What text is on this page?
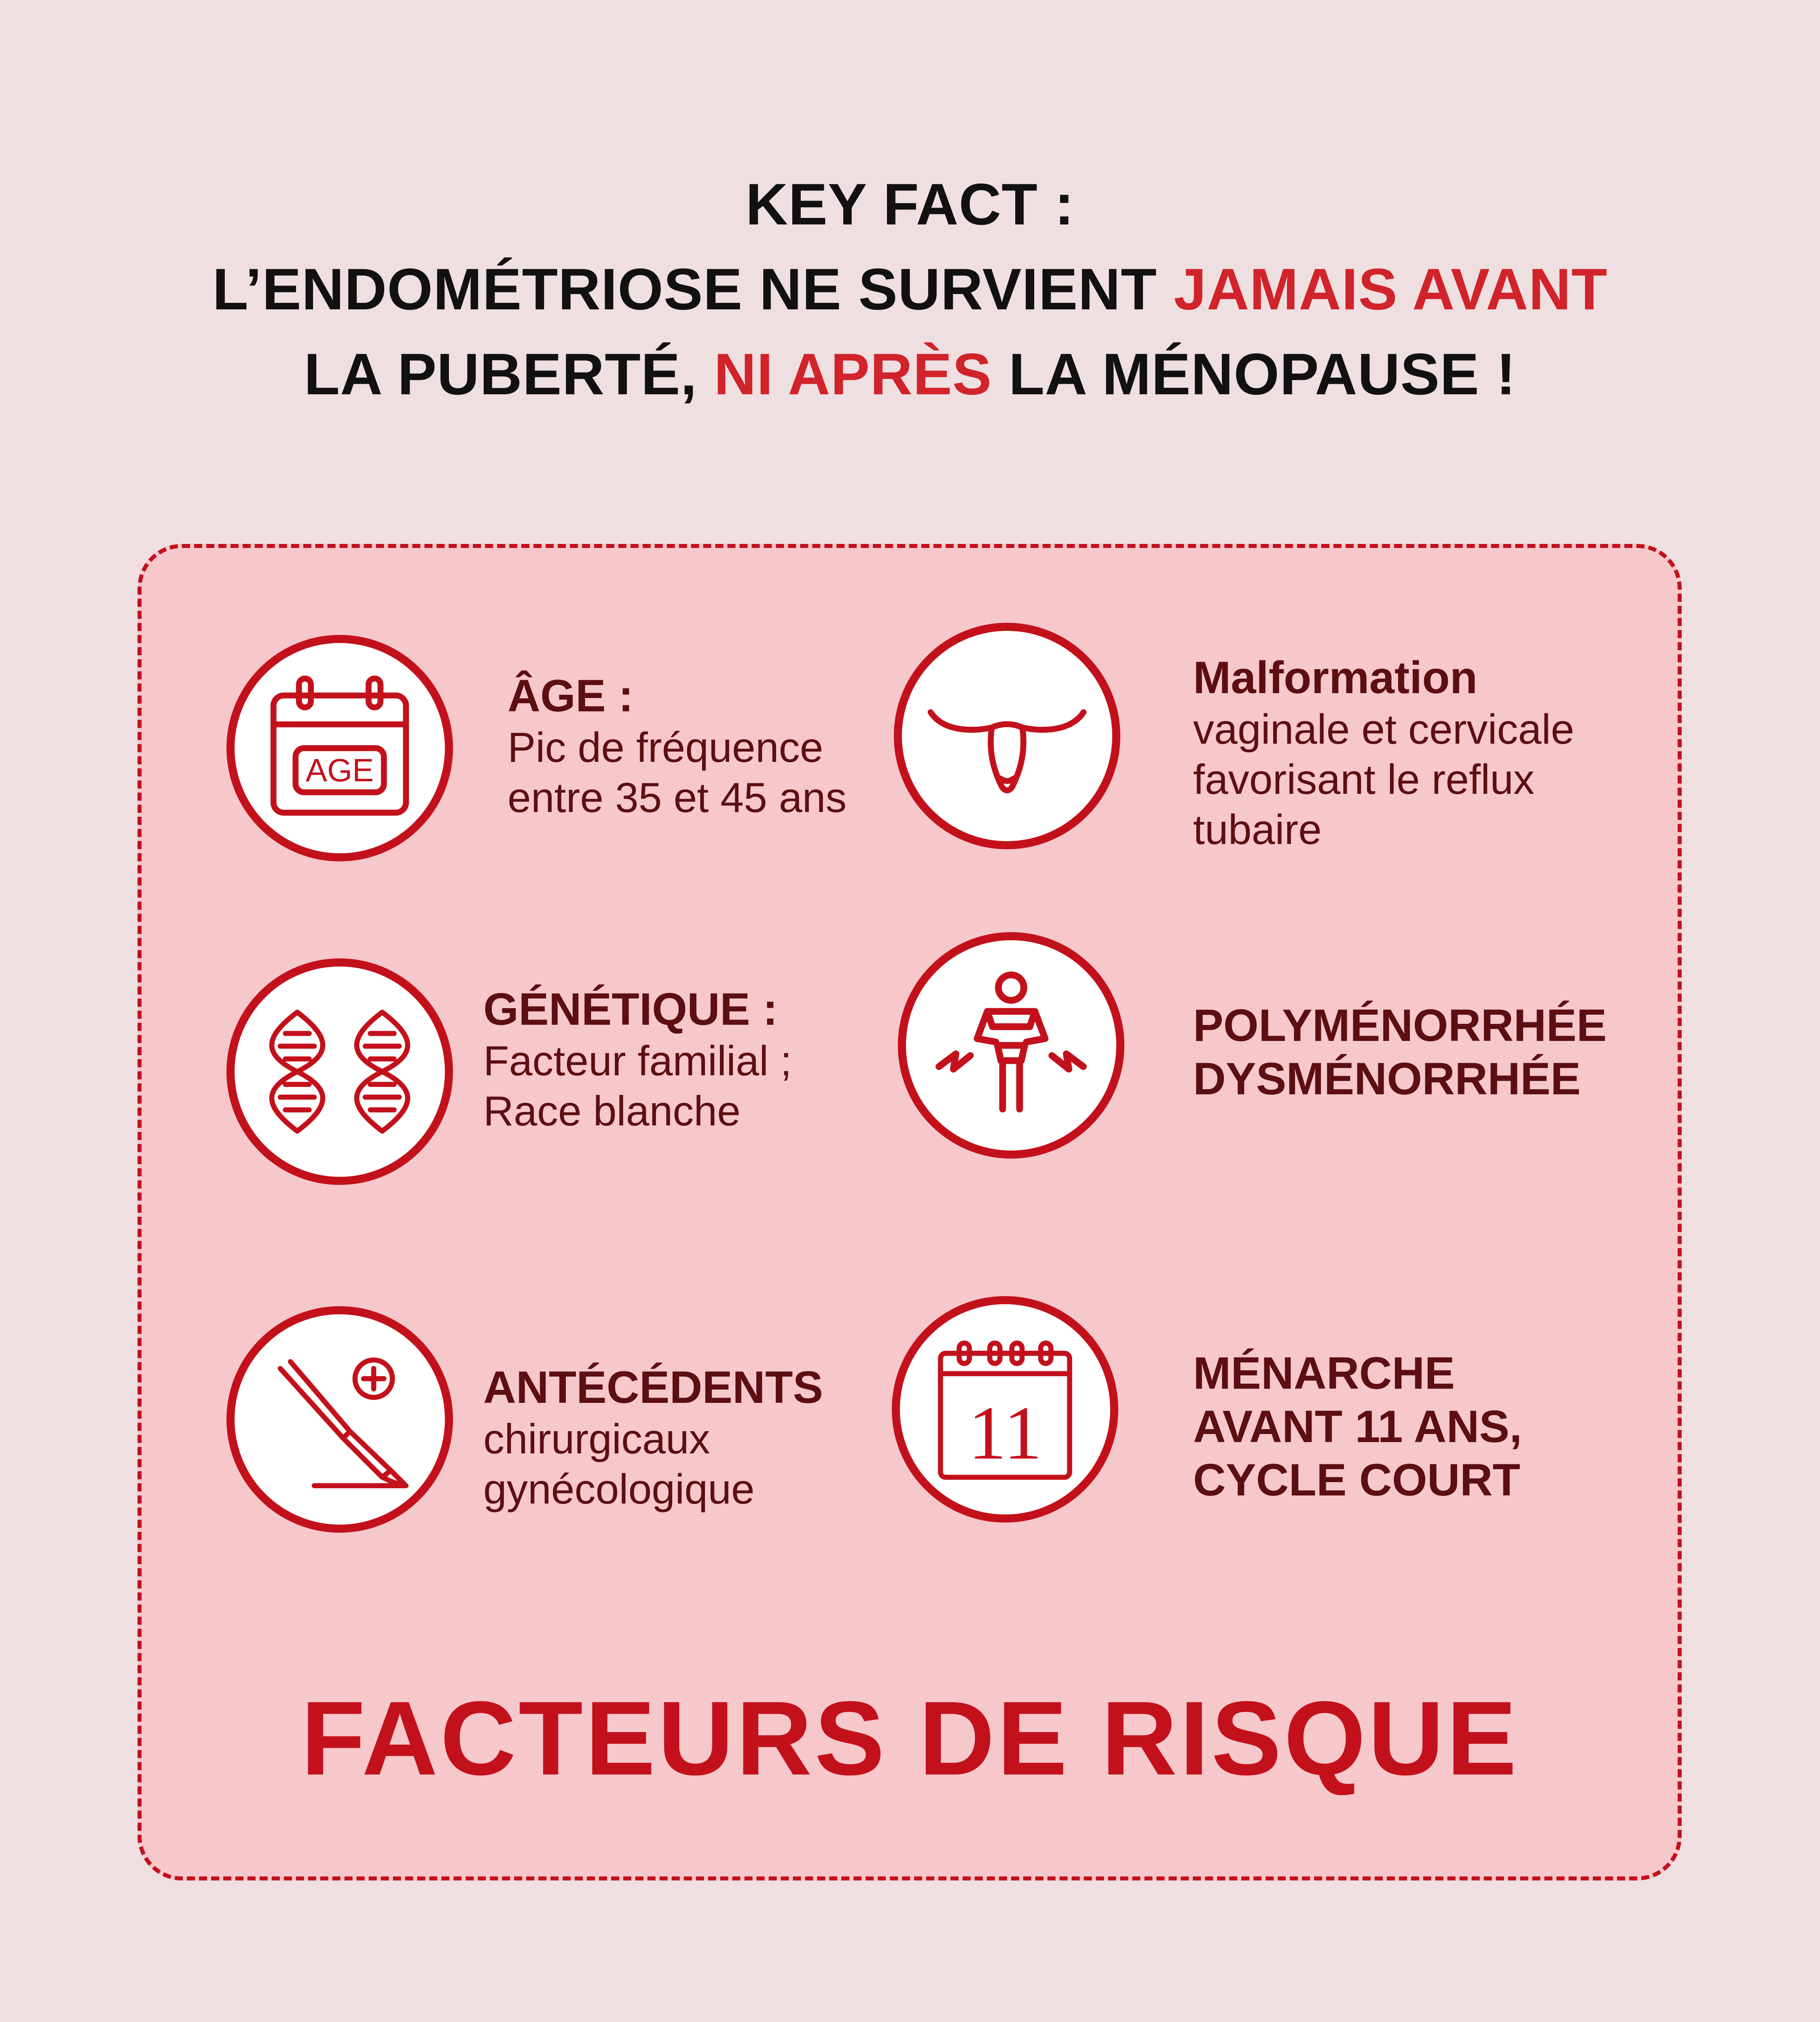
KEY FACT :
L’ENDOMÉTRIOSE NE SURVIENT JAMAIS AVANT
LA PUBERTÉ, NI APRÈS LA MÉNOPAUSE !
AGE
ÂGE :
Pic de fréquence
entre 35 et 45 ans
Malformation
vaginale et cervicale
favorisant le reflux
tubaire
GÉNÉTIQUE :
Facteur familial ;
Race blanche
POLYMÉNORRHÉE
DYSMÉNORRHÉE
ANTÉCÉDENTS
chirurgicaux
gynécologique
11
MÉNARCHE
AVANT 11 ANS,
CYCLE COURT
FACTEURS DE RISQUE
